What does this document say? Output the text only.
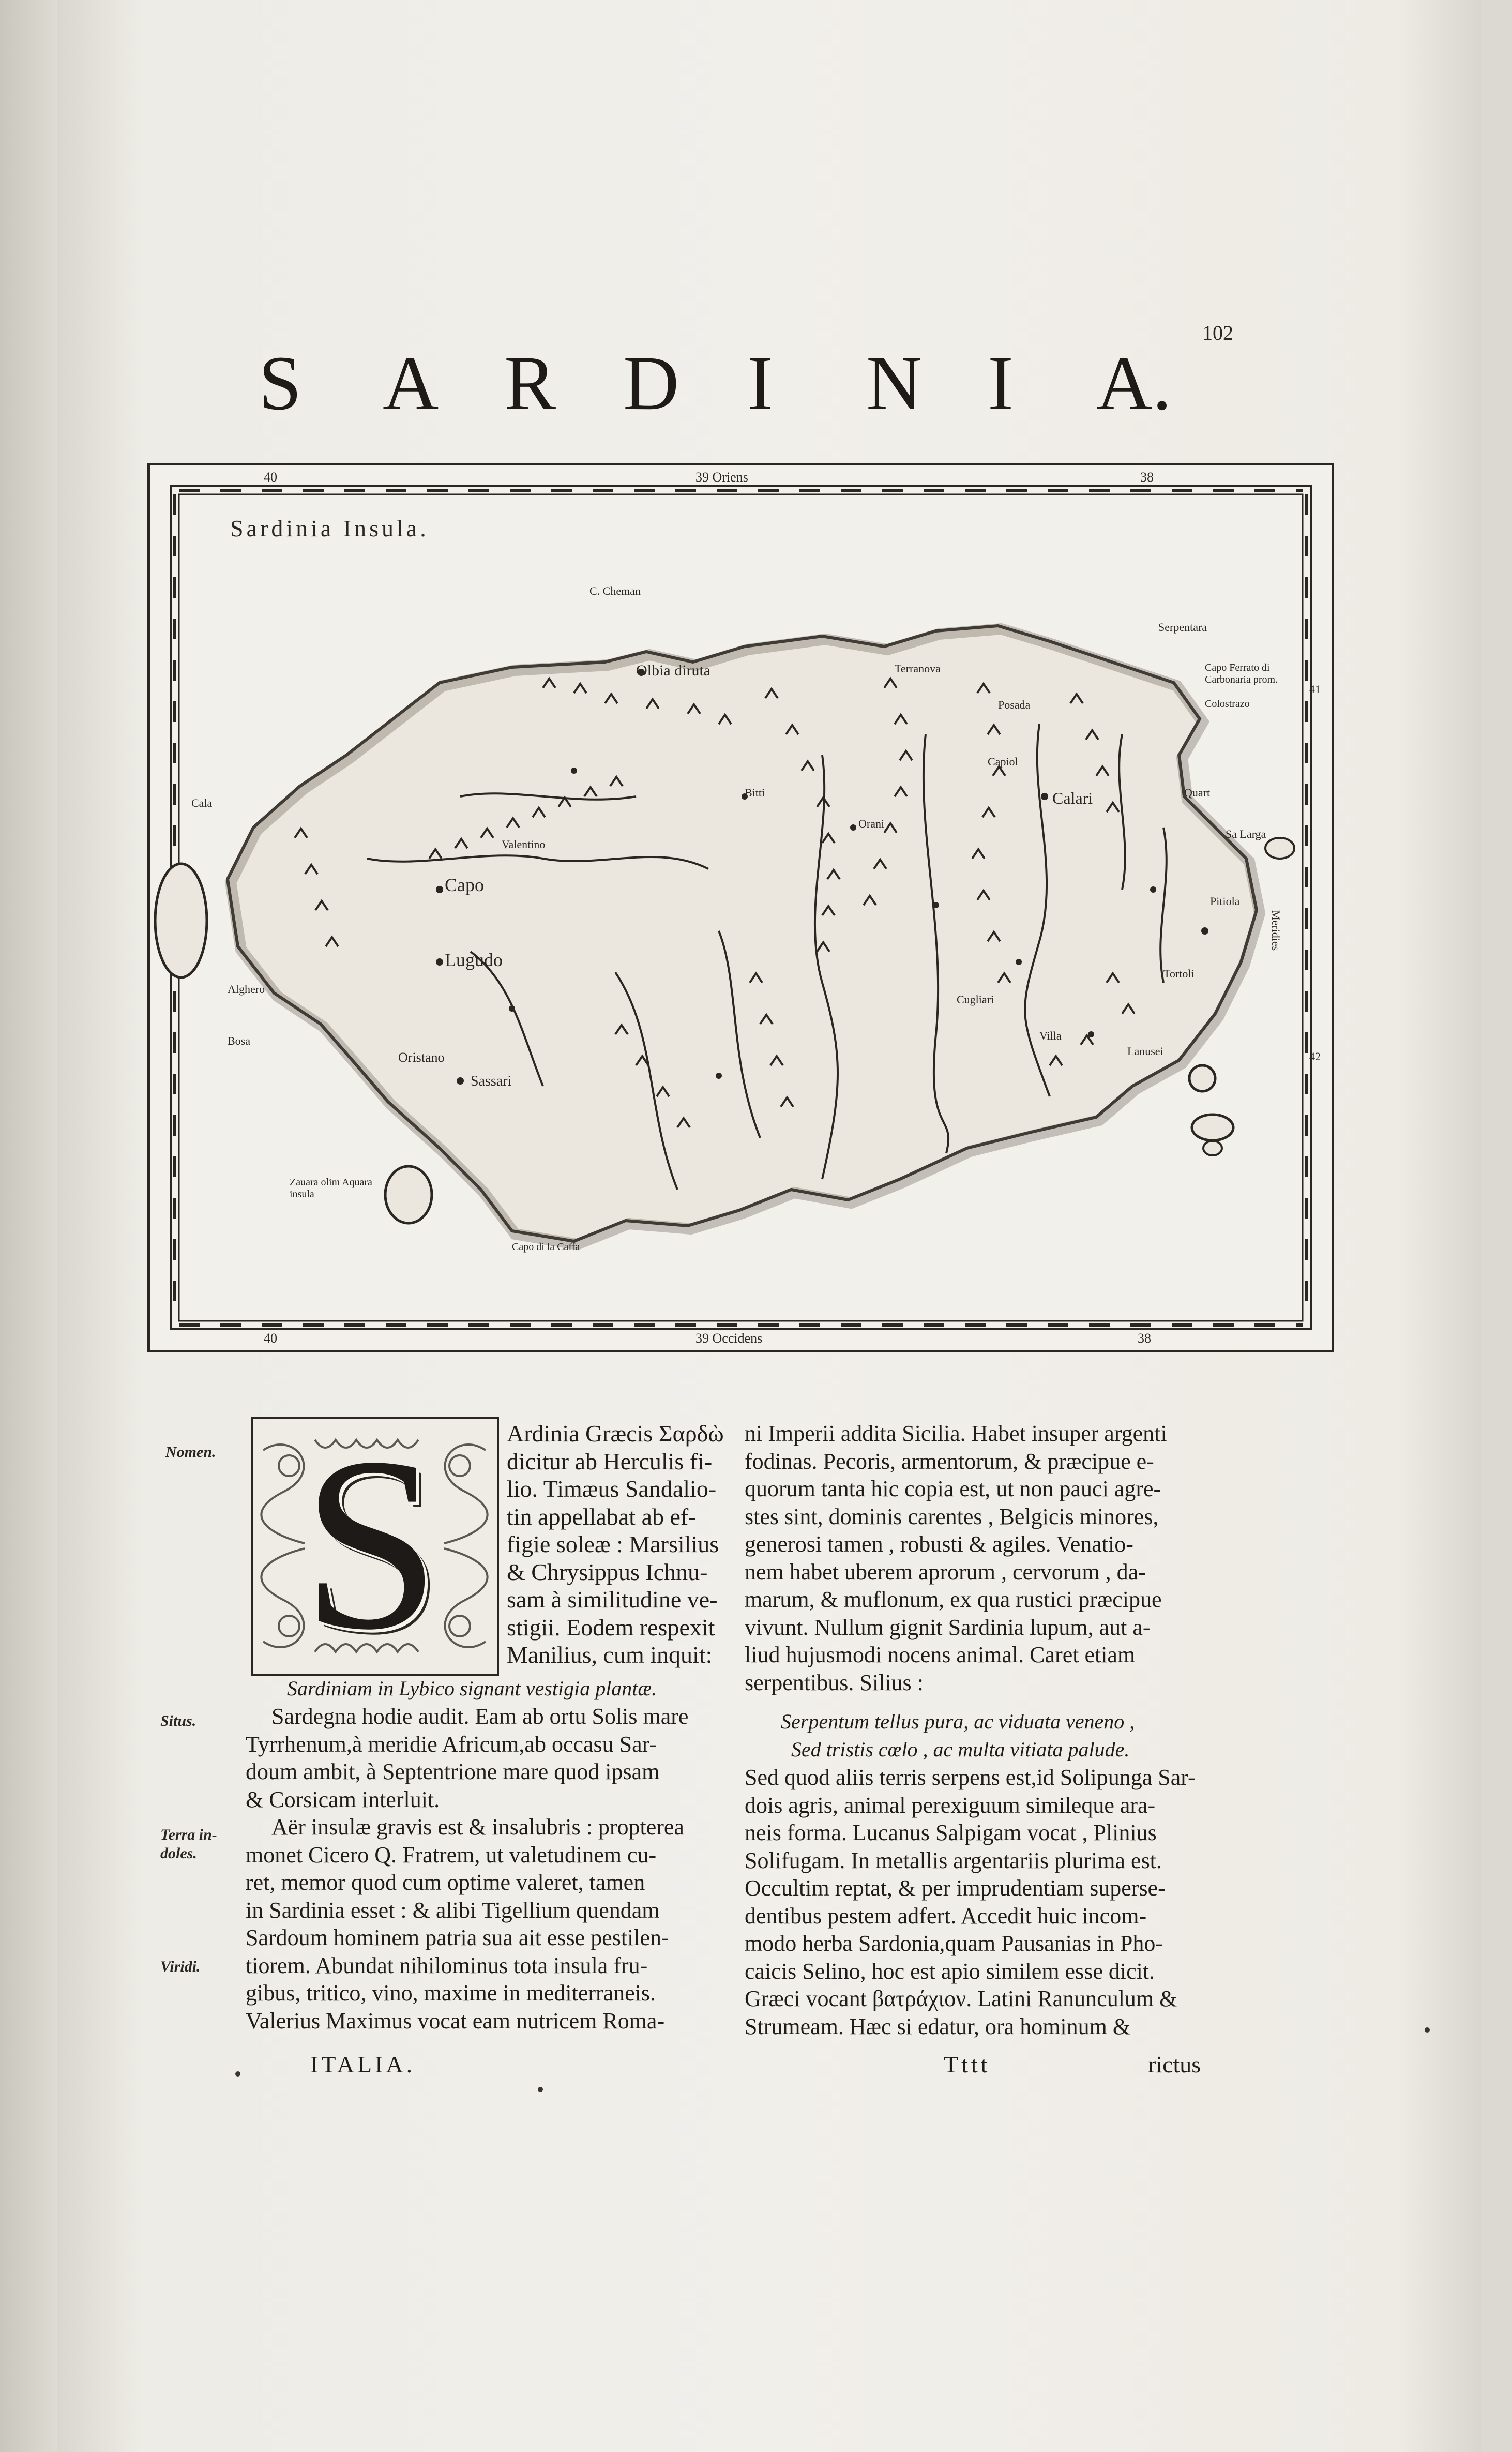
102
S A R D I N I A.
Sardinia Insula.
40	39 Oriens	38
40	39 Occidens	38
41
Meridies
42
C. Cheman
Olbia diruta
Capo
Lugudo
Calari
Oristano
Sassari
Alghero
Bosa
Serpentara
Capo Ferrato di Carbonaria prom.
Colostrazo
Quart
Zauara olim Aquara insula
Sa Larga
Pitiola
Cala
Capo di la Caffa
Villa
Capiol
Tortoli
Lanusei
Posada
Terranova
Cugliari
Valentino
Bitti
Orani
Nomen.
Situs.
Terra in-
doles.
Viridi.
S	Ardinia Græcis Σαρδὼ
dicitur ab Herculis fi-
lio. Timæus Sandalio-
tin appellabat ab ef-
figie soleæ : Marsilius
& Chrysippus Ichnu-
sam à similitudine ve-
stigii. Eodem respexit
Manilius, cum inquit:
Sardiniam in Lybico signant vestigia plantæ.
Sardegna hodie audit. Eam ab ortu Solis mare
Tyrrhenum,à meridie Africum,ab occasu Sar-
doum ambit, à Septentrione mare quod ipsam
& Corsicam interluit.
Aër insulæ gravis est & insalubris : propterea
monet Cicero Q. Fratrem, ut valetudinem cu-
ret, memor quod cum optime valeret, tamen
in Sardinia esset : & alibi Tigellium quendam
Sardoum hominem patria sua ait esse pestilen-
tiorem. Abundat nihilominus tota insula fru-
gibus, tritico, vino, maxime in mediterraneis.
Valerius Maximus vocat eam nutricem Roma-
ni Imperii addita Sicilia. Habet insuper argenti
fodinas. Pecoris, armentorum, & præcipue e-
quorum tanta hic copia est, ut non pauci agre-
stes sint, dominis carentes , Belgicis minores,
generosi tamen , robusti & agiles. Venatio-
nem habet uberem aprorum , cervorum , da-
marum, & muflonum, ex qua rustici præcipue
vivunt. Nullum gignit Sardinia lupum, aut a-
liud hujusmodi nocens animal. Caret etiam
serpentibus. Silius :
Serpentum tellus pura, ac viduata veneno ,
Sed tristis cœlo , ac multa vitiata palude.
Sed quod aliis terris serpens est,id Solipunga Sar-
dois agris, animal perexiguum simileque ara-
neis forma. Lucanus Salpigam vocat , Plinius
Solifugam. In metallis argentariis plurima est.
Occultim reptat, & per imprudentiam superse-
dentibus pestem adfert. Accedit huic incom-
modo herba Sardonia,quam Pausanias in Pho-
caicis Selino, hoc est apio similem esse dicit.
Græci vocant βατράχιον. Latini Ranunculum &
Strumeam. Hæc si edatur, ora hominum &
ITALIA.	Tttt	rictus
